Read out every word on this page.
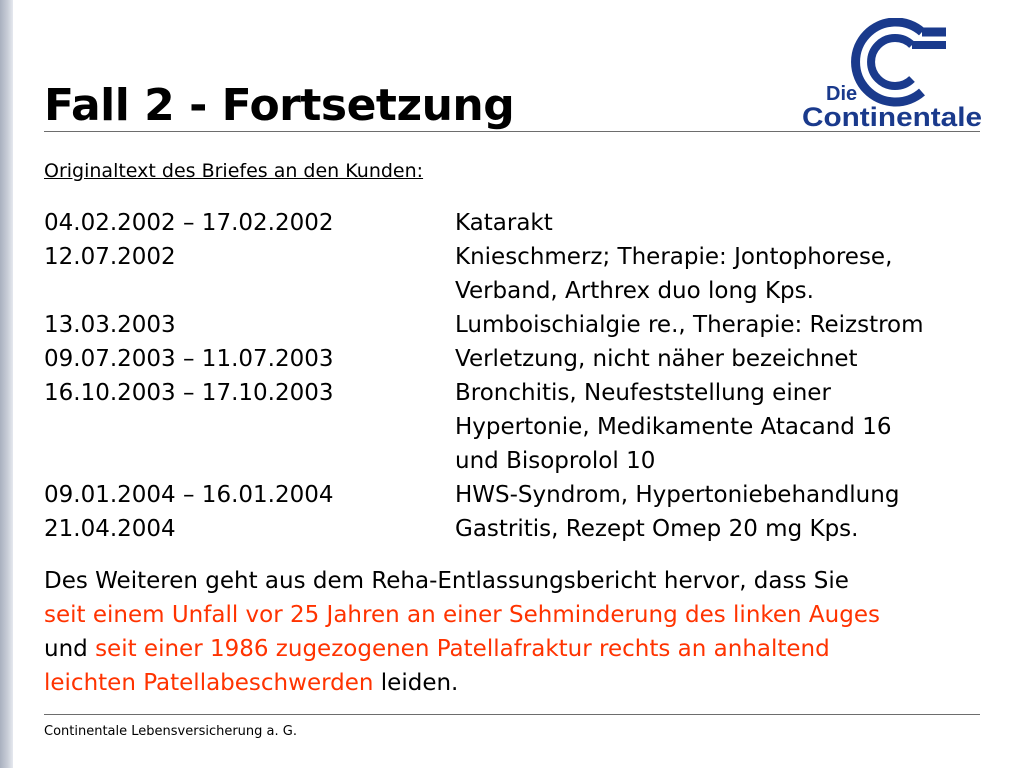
Fall 2 - Fortsetzung	Die
Continentale
Originaltext des Briefes an den Kunden:
04.02.2002 – 17.02.2002	Katarakt
12.07.2002	Knieschmerz; Therapie: Jontophorese,
Verband, Arthrex duo long Kps.
13.03.2003	Lumboischialgie re., Therapie: Reizstrom
09.07.2003 – 11.07.2003	Verletzung, nicht näher bezeichnet
16.10.2003 – 17.10.2003	Bronchitis, Neufeststellung einer
Hypertonie, Medikamente Atacand 16
und Bisoprolol 10
09.01.2004 – 16.01.2004	HWS-Syndrom, Hypertoniebehandlung
21.04.2004	Gastritis, Rezept Omep 20 mg Kps.
Des Weiteren geht aus dem Reha-Entlassungsbericht hervor, dass Sie
seit einem Unfall vor 25 Jahren an einer Sehminderung des linken Auges
und seit einer 1986 zugezogenen Patellafraktur rechts an anhaltend
leichten Patellabeschwerden leiden.
Continentale Lebensversicherung a. G.
